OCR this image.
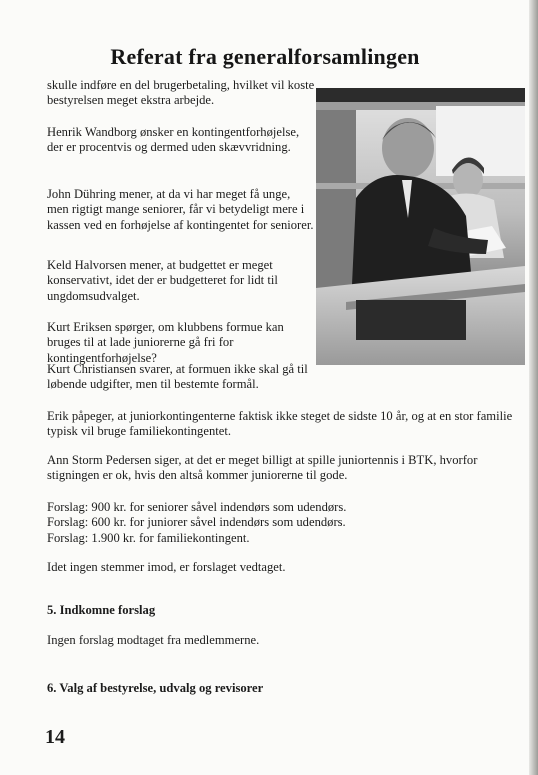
Referat fra generalforsamlingen

skulle indføre en del brugerbetaling, hvilket vil koste bestyrelsen meget ekstra arbejde.

Henrik Wandborg ønsker en kontingentforhøjelse, der er procentvis og dermed uden skævvridning.

John Dühring mener, at da vi har meget få unge, men rigtigt mange seniorer, får vi betydeligt mere i kassen ved en forhøjelse af kontingentet for seniorer.

Keld Halvorsen mener, at budgettet er meget konservativt, idet der er budgetteret for lidt til ungdomsudvalget.

Kurt Eriksen spørger, om klubbens formue kan bruges til at lade juniorerne gå fri for kontingentforhøjelse?

Kurt Christiansen svarer, at formuen ikke skal gå til løbende udgifter, men til bestemte formål.

Erik påpeger, at juniorkontingenterne faktisk ikke steget de sidste 10 år, og at en stor familie typisk vil bruge familiekontingentet.

Ann Storm Pedersen siger, at det er meget billigt at spille juniortennis i BTK, hvorfor stigningen er ok, hvis den altså kommer juniorerne til gode.

Forslag: 900 kr. for seniorer såvel indendørs som udendørs.
Forslag: 600 kr. for juniorer såvel indendørs som udendørs.
Forslag: 1.900 kr. for familiekontingent.

Idet ingen stemmer imod, er forslaget vedtaget.

5. Indkomne forslag

Ingen forslag modtaget fra medlemmerne.

6. Valg af bestyrelse, udvalg og revisorer
14
